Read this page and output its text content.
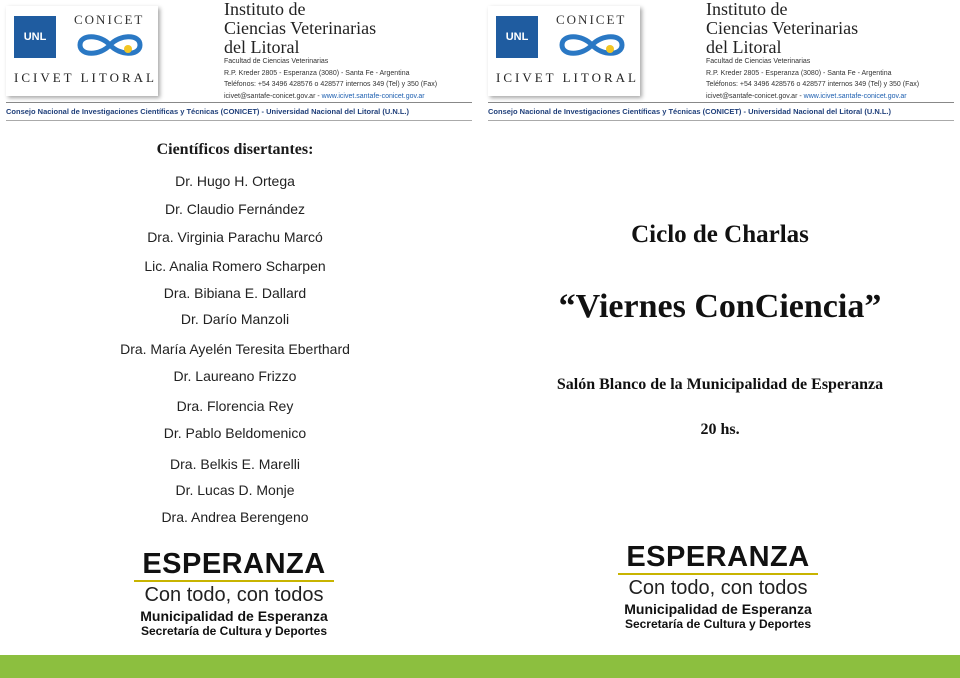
UNL
CONICET
ICIVET LITORAL
Instituto de
Ciencias Veterinarias
del Litoral
Facultad de Ciencias Veterinarias
R.P. Kreder 2805 - Esperanza (3080) - Santa Fe - Argentina
Teléfonos: +54 3496 428576 o 428577 internos 349 (Tel) y 350 (Fax)
icivet@santafe-conicet.gov.ar - www.icivet.santafe-conicet.gov.ar
Consejo Nacional de Investigaciones Científicas y Técnicas (CONICET) - Universidad Nacional del Litoral (U.N.L.)
UNL
CONICET
ICIVET LITORAL
Instituto de
Ciencias Veterinarias
del Litoral
Facultad de Ciencias Veterinarias
R.P. Kreder 2805 - Esperanza (3080) - Santa Fe - Argentina
Teléfonos: +54 3496 428576 o 428577 internos 349 (Tel) y 350 (Fax)
icivet@santafe-conicet.gov.ar - www.icivet.santafe-conicet.gov.ar
Consejo Nacional de Investigaciones Científicas y Técnicas (CONICET) - Universidad Nacional del Litoral (U.N.L.)
Científicos disertantes:
Dr. Hugo H. Ortega
Dr. Claudio Fernández
Dra. Virginia Parachu Marcó
Lic. Analia Romero Scharpen
Dra. Bibiana E. Dallard
Dr. Darío Manzoli
Dra. María Ayelén Teresita Eberthard
Dr. Laureano Frizzo
Dra. Florencia Rey
Dr. Pablo Beldomenico
Dra. Belkis E. Marelli
Dr. Lucas D. Monje
Dra. Andrea Berengeno
Ciclo de Charlas
“Viernes ConCiencia”
Salón Blanco de la Municipalidad de Esperanza
20 hs.
ESPERANZA
Con todo, con todos
Municipalidad de Esperanza
Secretaría de Cultura y Deportes
ESPERANZA
Con todo, con todos
Municipalidad de Esperanza
Secretaría de Cultura y Deportes
